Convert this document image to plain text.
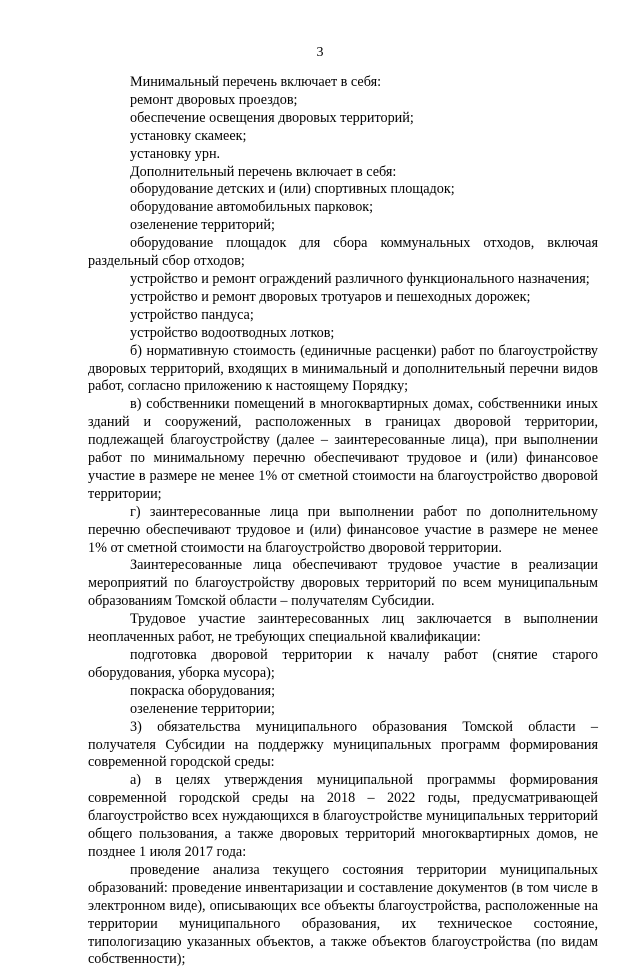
3

Минимальный перечень включает в себя:

ремонт дворовых проездов;

обеспечение освещения дворовых территорий;

установку скамеек;

установку урн.

Дополнительный перечень включает в себя:

оборудование детских и (или) спортивных площадок;

оборудование автомобильных парковок;

озеленение территорий;

оборудование площадок для сбора коммунальных отходов, включая раздельный сбор отходов;

устройство и ремонт ограждений различного функционального назначения;

устройство и ремонт дворовых тротуаров и пешеходных дорожек;

устройство пандуса;

устройство водоотводных лотков;

б) нормативную стоимость (единичные расценки) работ по благоустройству дворовых территорий, входящих в минимальный и дополнительный перечни видов работ, согласно приложению к настоящему Порядку;

в) собственники помещений в многоквартирных домах, собственники иных зданий и сооружений, расположенных в границах дворовой территории, подлежащей благоустройству (далее – заинтересованные лица), при выполнении работ по минимальному перечню обеспечивают трудовое и (или) финансовое участие в размере не менее 1% от сметной стоимости на благоустройство дворовой территории;

г) заинтересованные лица при выполнении работ по дополнительному перечню обеспечивают трудовое и (или) финансовое участие в размере не менее 1% от сметной стоимости на благоустройство дворовой территории.

Заинтересованные лица обеспечивают трудовое участие в реализации мероприятий по благоустройству дворовых территорий по всем муниципальным образованиям Томской области – получателям Субсидии.

Трудовое участие заинтересованных лиц заключается в выполнении неоплаченных работ, не требующих специальной квалификации:

подготовка дворовой территории к началу работ (снятие старого оборудования, уборка мусора);

покраска оборудования;

озеленение территории;

3) обязательства муниципального образования Томской области – получателя Субсидии на поддержку муниципальных программ формирования современной городской среды:

а) в целях утверждения муниципальной программы формирования современной городской среды на 2018 – 2022 годы, предусматривающей благоустройство всех нуждающихся в благоустройстве муниципальных территорий общего пользования, а также дворовых территорий многоквартирных домов, не позднее 1 июля 2017 года:

проведение анализа текущего состояния территории муниципальных образований: проведение инвентаризации и составление документов (в том числе в электронном виде), описывающих все объекты благоустройства, расположенные на территории муниципального образования, их техническое состояние, типологизацию указанных объектов, а также объектов благоустройства (по видам собственности);
